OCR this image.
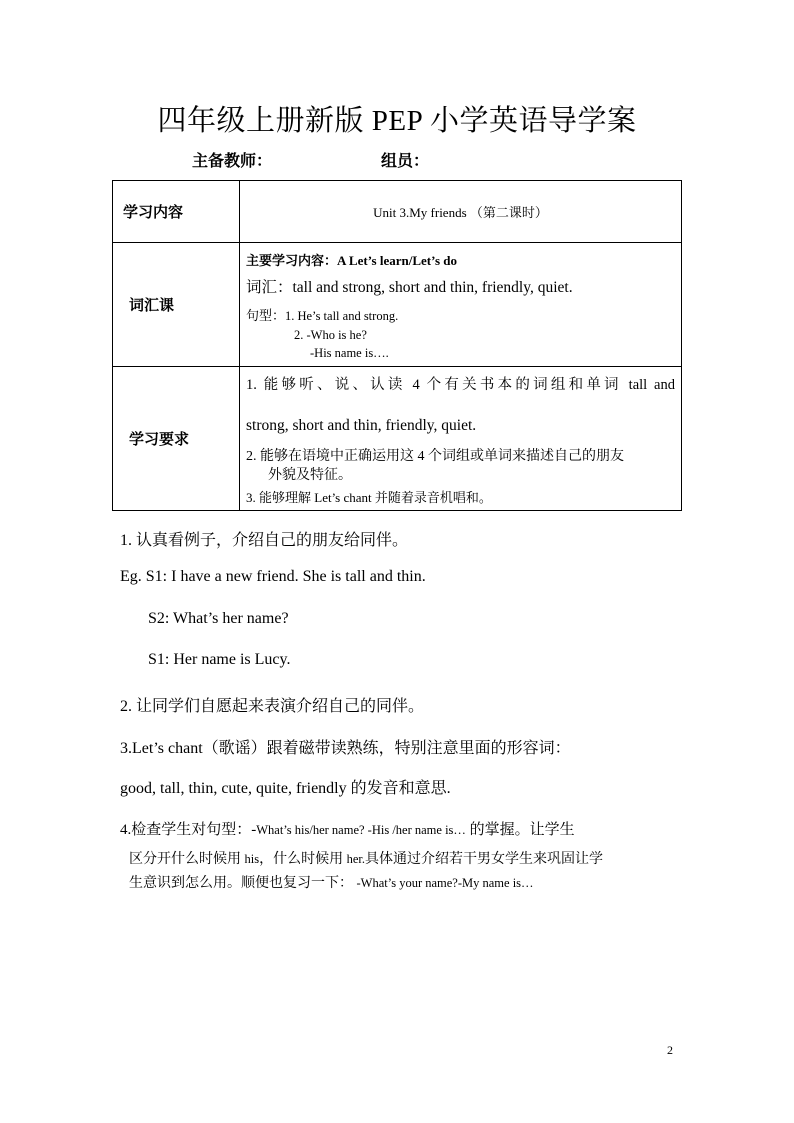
四年级上册新版 PEP 小学英语导学案
主备教师：	组员：
学习内容	Unit 3.My friends （第二课时）
词汇课	主要学习内容：A Let’s learn/Let’s do
词汇：tall and strong, short and thin, friendly, quiet.
句型：1. He’s tall and strong.
2. -Who is he?
-His name is….

学习要求	1. 能够听、说、认读 4 个有关书本的词组和单词 tall and
strong, short and thin, friendly, quiet.
2. 能够在语境中正确运用这 4 个词组或单词来描述自己的朋友
外貌及特征。
3. 能够理解 Let’s chant 并随着录音机唱和。
1. 认真看例子，介绍自己的朋友给同伴。
Eg. S1: I have a new friend. She is tall and thin.
S2: What’s her name?
S1: Her name is Lucy.
2. 让同学们自愿起来表演介绍自己的同伴。
3.Let’s chant（歌谣）跟着磁带读熟练，特别注意里面的形容词：
good, tall, thin, cute, quite, friendly 的发音和意思.
4.检查学生对句型：-What’s his/her name? -His /her name is… 的掌握。让学生
区分开什么时候用 his，什么时候用 her.具体通过介绍若干男女学生来巩固让学
生意识到怎么用。顺便也复习一下： -What’s your name?-My name is…
2
